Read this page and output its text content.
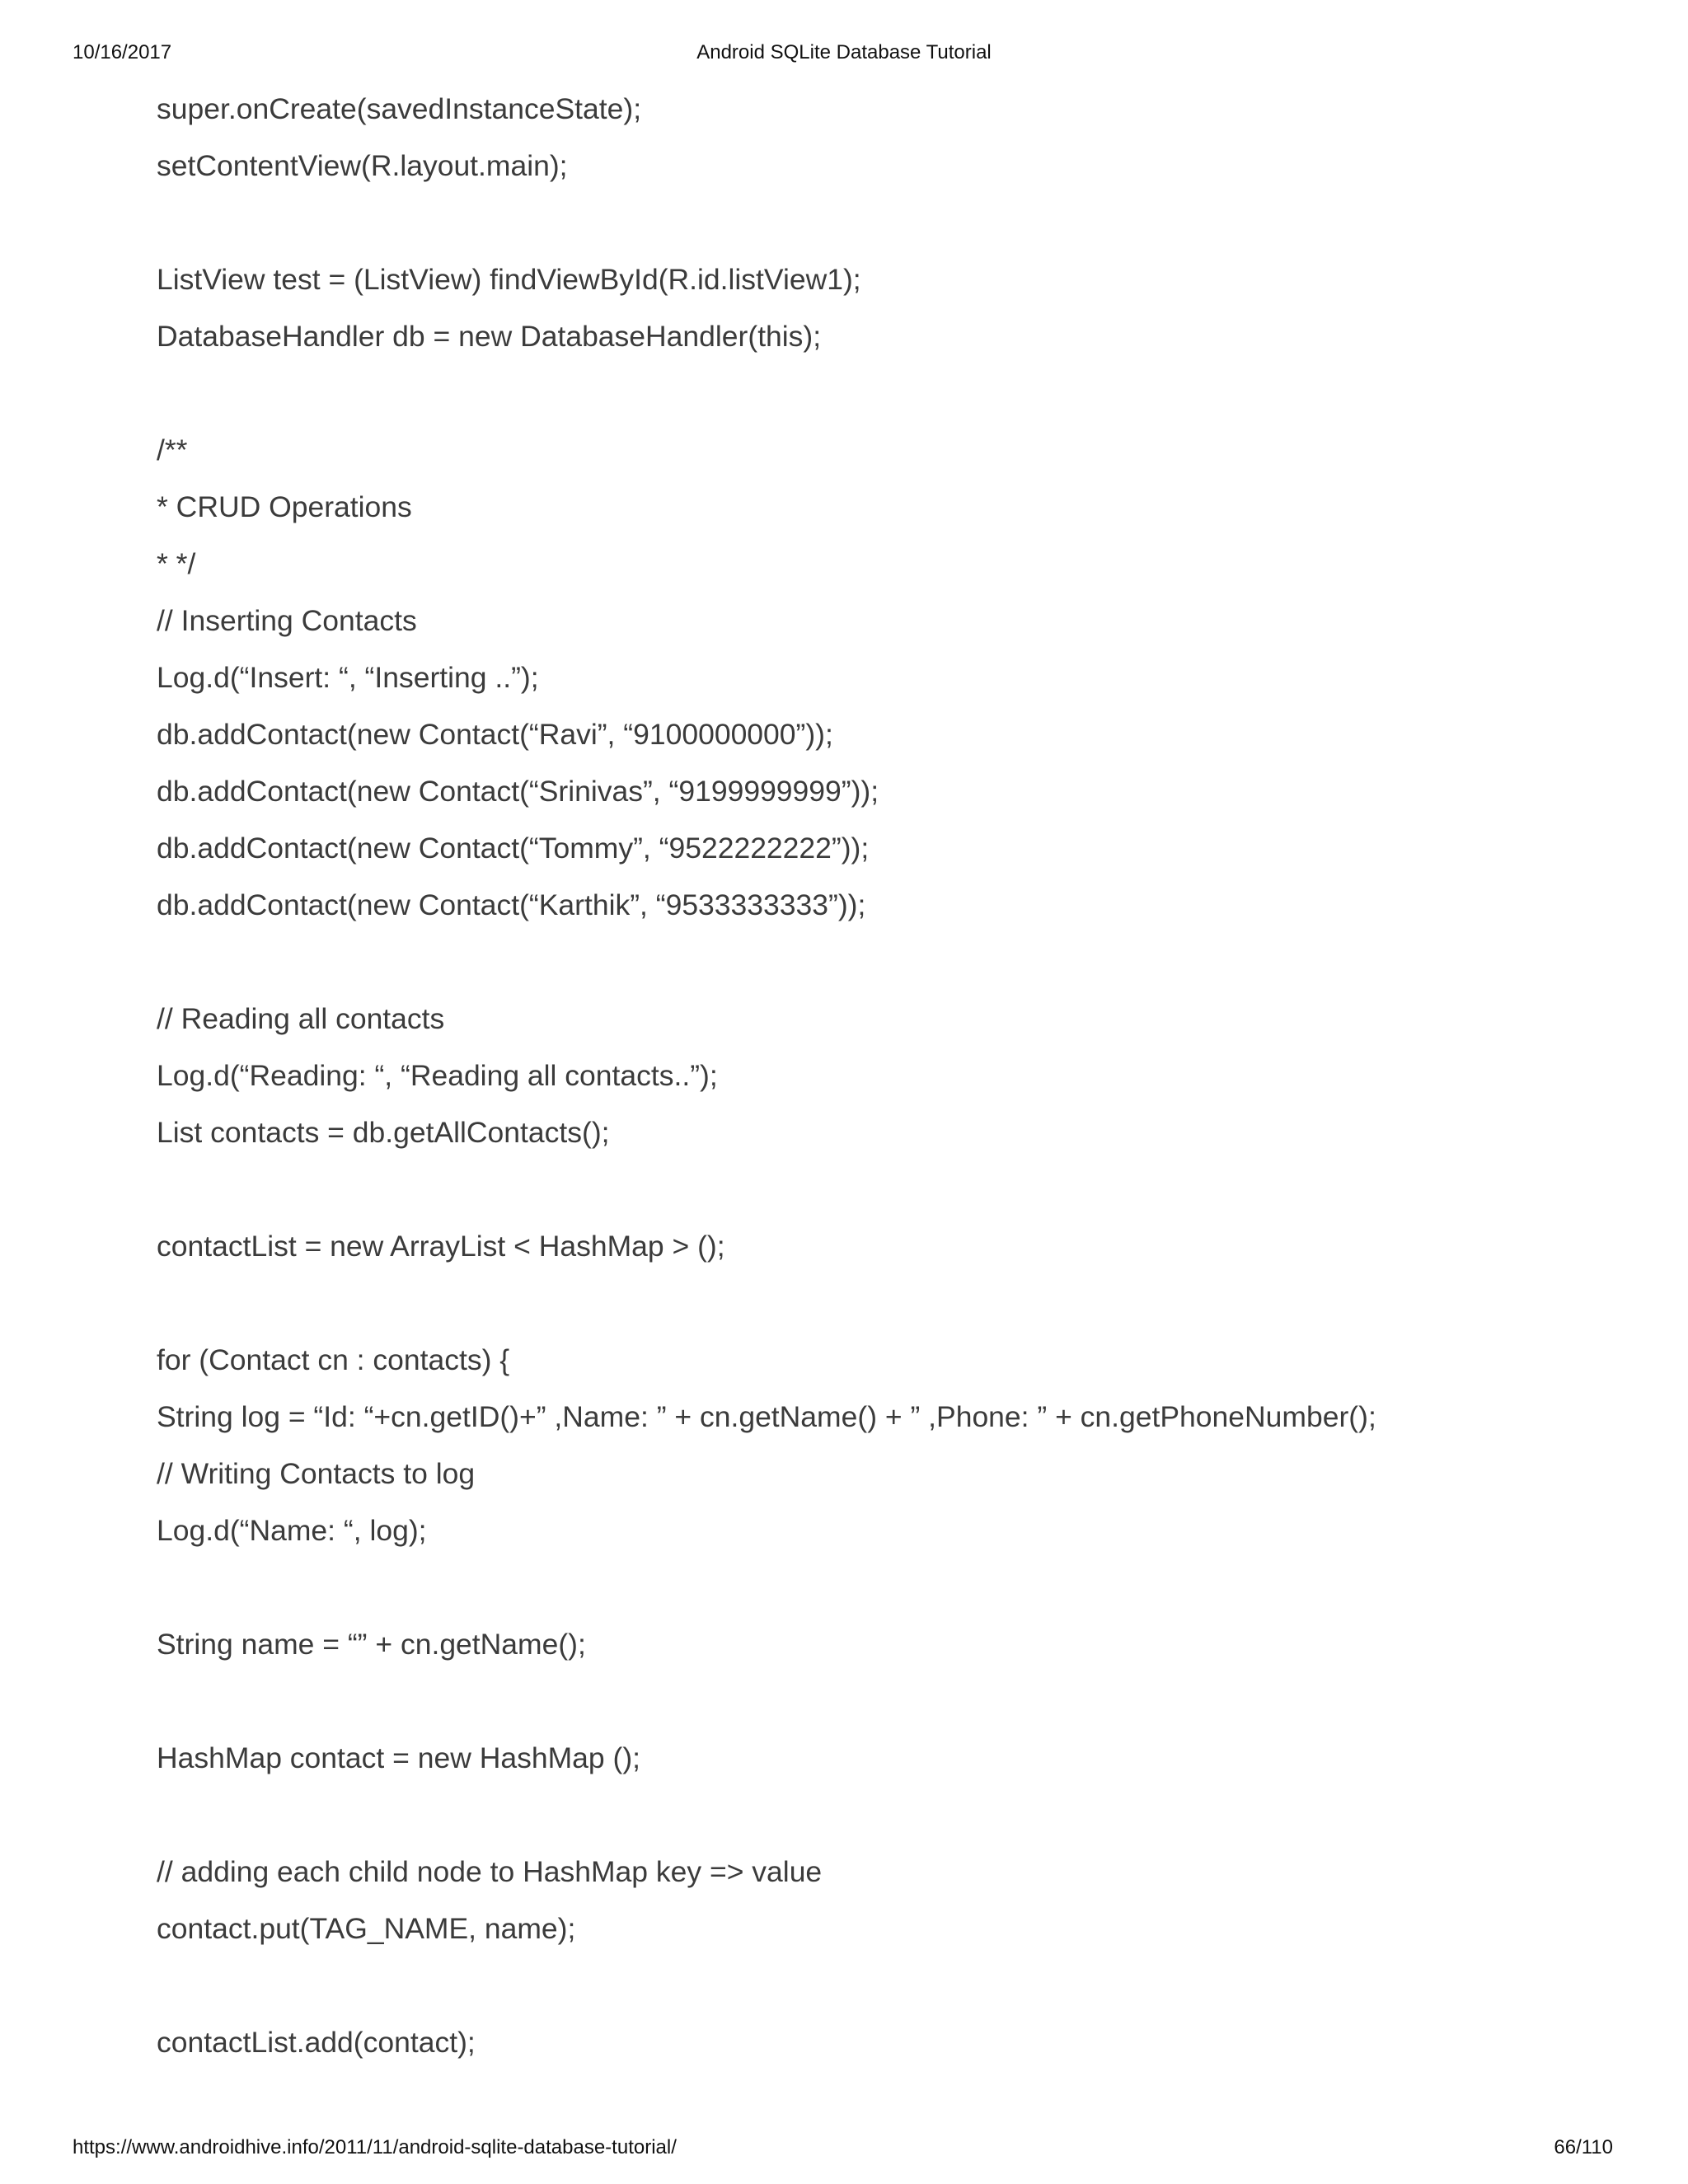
10/16/2017	Android SQLite Database Tutorial
super.onCreate(savedInstanceState);
setContentView(R.layout.main);
ListView test = (ListView) findViewById(R.id.listView1);
DatabaseHandler db = new DatabaseHandler(this);
/**
* CRUD Operations
* */
// Inserting Contacts
Log.d(“Insert: “, “Inserting ..”);
db.addContact(new Contact(“Ravi”, “9100000000”));
db.addContact(new Contact(“Srinivas”, “9199999999”));
db.addContact(new Contact(“Tommy”, “9522222222”));
db.addContact(new Contact(“Karthik”, “9533333333”));
// Reading all contacts
Log.d(“Reading: “, “Reading all contacts..”);
List contacts = db.getAllContacts();
contactList = new ArrayList < HashMap > ();
for (Contact cn : contacts) {
String log = “Id: “+cn.getID()+” ,Name: ” + cn.getName() + ” ,Phone: ” + cn.getPhoneNumber();
// Writing Contacts to log
Log.d(“Name: “, log);
String name = “” + cn.getName();
HashMap contact = new HashMap ();
// adding each child node to HashMap key => value
contact.put(TAG_NAME, name);
contactList.add(contact);
https://www.androidhive.info/2011/11/android-sqlite-database-tutorial/	66/110
